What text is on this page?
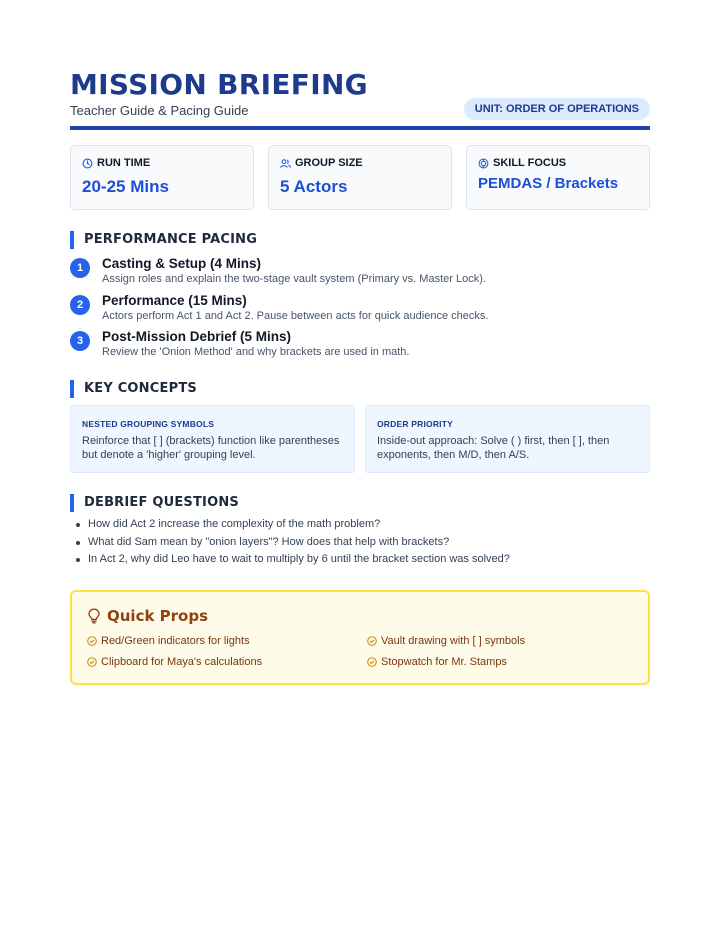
MISSION BRIEFING
Teacher Guide & Pacing Guide	UNIT: ORDER OF OPERATIONS
RUN TIME
20-25 Mins
GROUP SIZE
5 Actors
SKILL FOCUS
PEMDAS / Brackets
PERFORMANCE PACING
1	Casting & Setup (4 Mins)
Assign roles and explain the two-stage vault system (Primary vs. Master Lock).
2	Performance (15 Mins)
Actors perform Act 1 and Act 2. Pause between acts for quick audience checks.
3	Post-Mission Debrief (5 Mins)
Review the 'Onion Method' and why brackets are used in math.
KEY CONCEPTS
NESTED GROUPING SYMBOLS
Reinforce that [ ] (brackets) function like parentheses but denote a 'higher' grouping level.
ORDER PRIORITY
Inside-out approach: Solve ( ) first, then [ ], then exponents, then M/D, then A/S.
DEBRIEF QUESTIONS
How did Act 2 increase the complexity of the math problem?
What did Sam mean by "onion layers"? How does that help with brackets?
In Act 2, why did Leo have to wait to multiply by 6 until the bracket section was solved?
Quick Props
Red/Green indicators for lights	Vault drawing with [ ] symbols
Clipboard for Maya's calculations	Stopwatch for Mr. Stamps
